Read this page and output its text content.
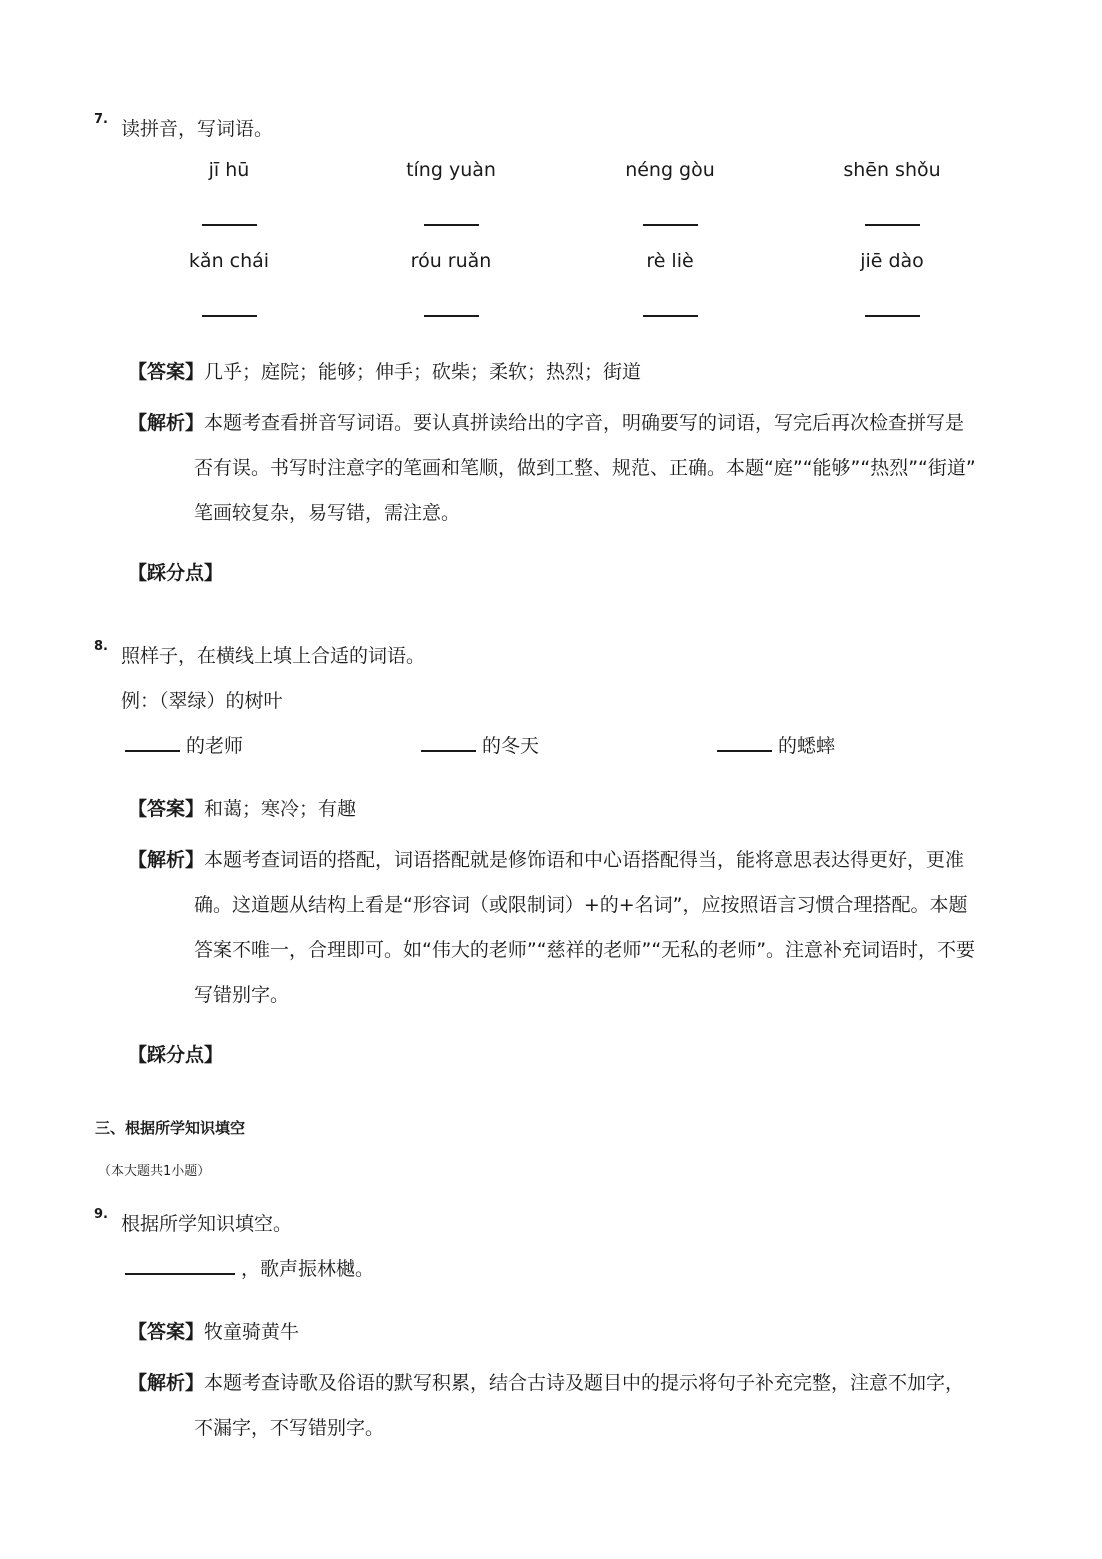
7. 读拼音，写词语。
jī hū	tíng yuàn	néng gòu	shēn shǒu
kǎn chái	róu ruǎn	rè liè	jiē dào
【答案】几乎；庭院；能够；伸手；砍柴；柔软；热烈；街道
【解析】本题考查看拼音写词语。要认真拼读给出的字音，明确要写的词语，写完后再次检查拼写是
否有误。书写时注意字的笔画和笔顺，做到工整、规范、正确。本题“庭”“能够”“热烈”“街道”
笔画较复杂，易写错，需注意。
【踩分点】
8. 照样子，在横线上填上合适的词语。
例：（翠绿）的树叶
的老师	的冬天	的蟋蟀
【答案】和蔼；寒冷；有趣
【解析】本题考查词语的搭配，词语搭配就是修饰语和中心语搭配得当，能将意思表达得更好，更准
确。这道题从结构上看是“形容词（或限制词）+的+名词”，应按照语言习惯合理搭配。本题
答案不唯一，合理即可。如“伟大的老师”“慈祥的老师”“无私的老师”。注意补充词语时，不要
写错别字。
【踩分点】
三、根据所学知识填空
（本大题共1小题）
9. 根据所学知识填空。
，歌声振林樾。
【答案】牧童骑黄牛
【解析】本题考查诗歌及俗语的默写积累，结合古诗及题目中的提示将句子补充完整，注意不加字，
不漏字，不写错别字。
